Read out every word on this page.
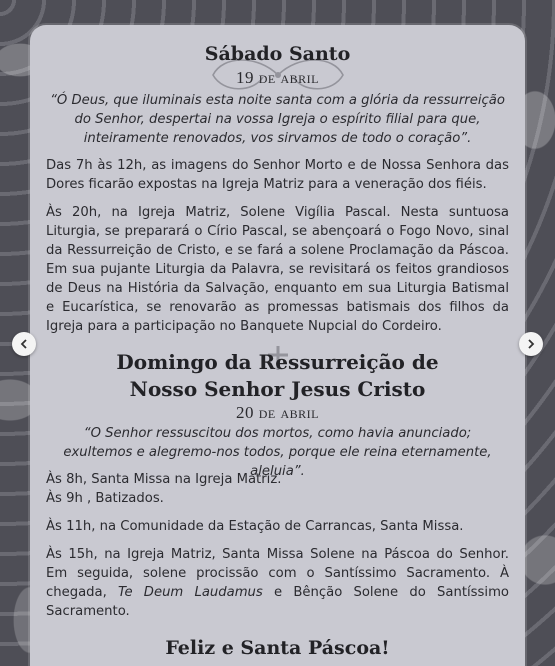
Sábado Santo
19 de abril
“Ó Deus, que iluminais esta noite santa com a glória da ressurreição do Senhor, despertai na vossa Igreja o espírito filial para que, inteiramente renovados, vos sirvamos de todo o coração”.
Das 7h às 12h, as imagens do Senhor Morto e de Nossa Senhora das Dores ficarão expostas na Igreja Matriz para a veneração dos fiéis.
Às 20h, na Igreja Matriz, Solene Vigília Pascal. Nesta suntuosa Liturgia, se preparará o Círio Pascal, se abençoará o Fogo Novo, sinal da Ressurreição de Cristo, e se fará a solene Proclamação da Páscoa. Em sua pujante Liturgia da Palavra, se revisitará os feitos grandiosos de Deus na História da Salvação, enquanto em sua Liturgia Batismal e Eucarística, se renovarão as promessas batismais dos filhos da Igreja para a participação no Banquete Nupcial do Cordeiro.
Domingo da Ressurreição de
Nosso Senhor Jesus Cristo
20 de abril
“O Senhor ressuscitou dos mortos, como havia anunciado; exultemos e alegremo-nos todos, porque ele reina eternamente, aleluia”.
Às 8h, Santa Missa na Igreja Matriz.
Às 9h , Batizados.
Às 11h, na Comunidade da Estação de Carrancas, Santa Missa.
Às 15h, na Igreja Matriz, Santa Missa Solene na Páscoa do Senhor. Em seguida, solene procissão com o Santíssimo Sacramento. À chegada, Te Deum Laudamus e Bênção Solene do Santíssimo Sacramento.
Feliz e Santa Páscoa!
